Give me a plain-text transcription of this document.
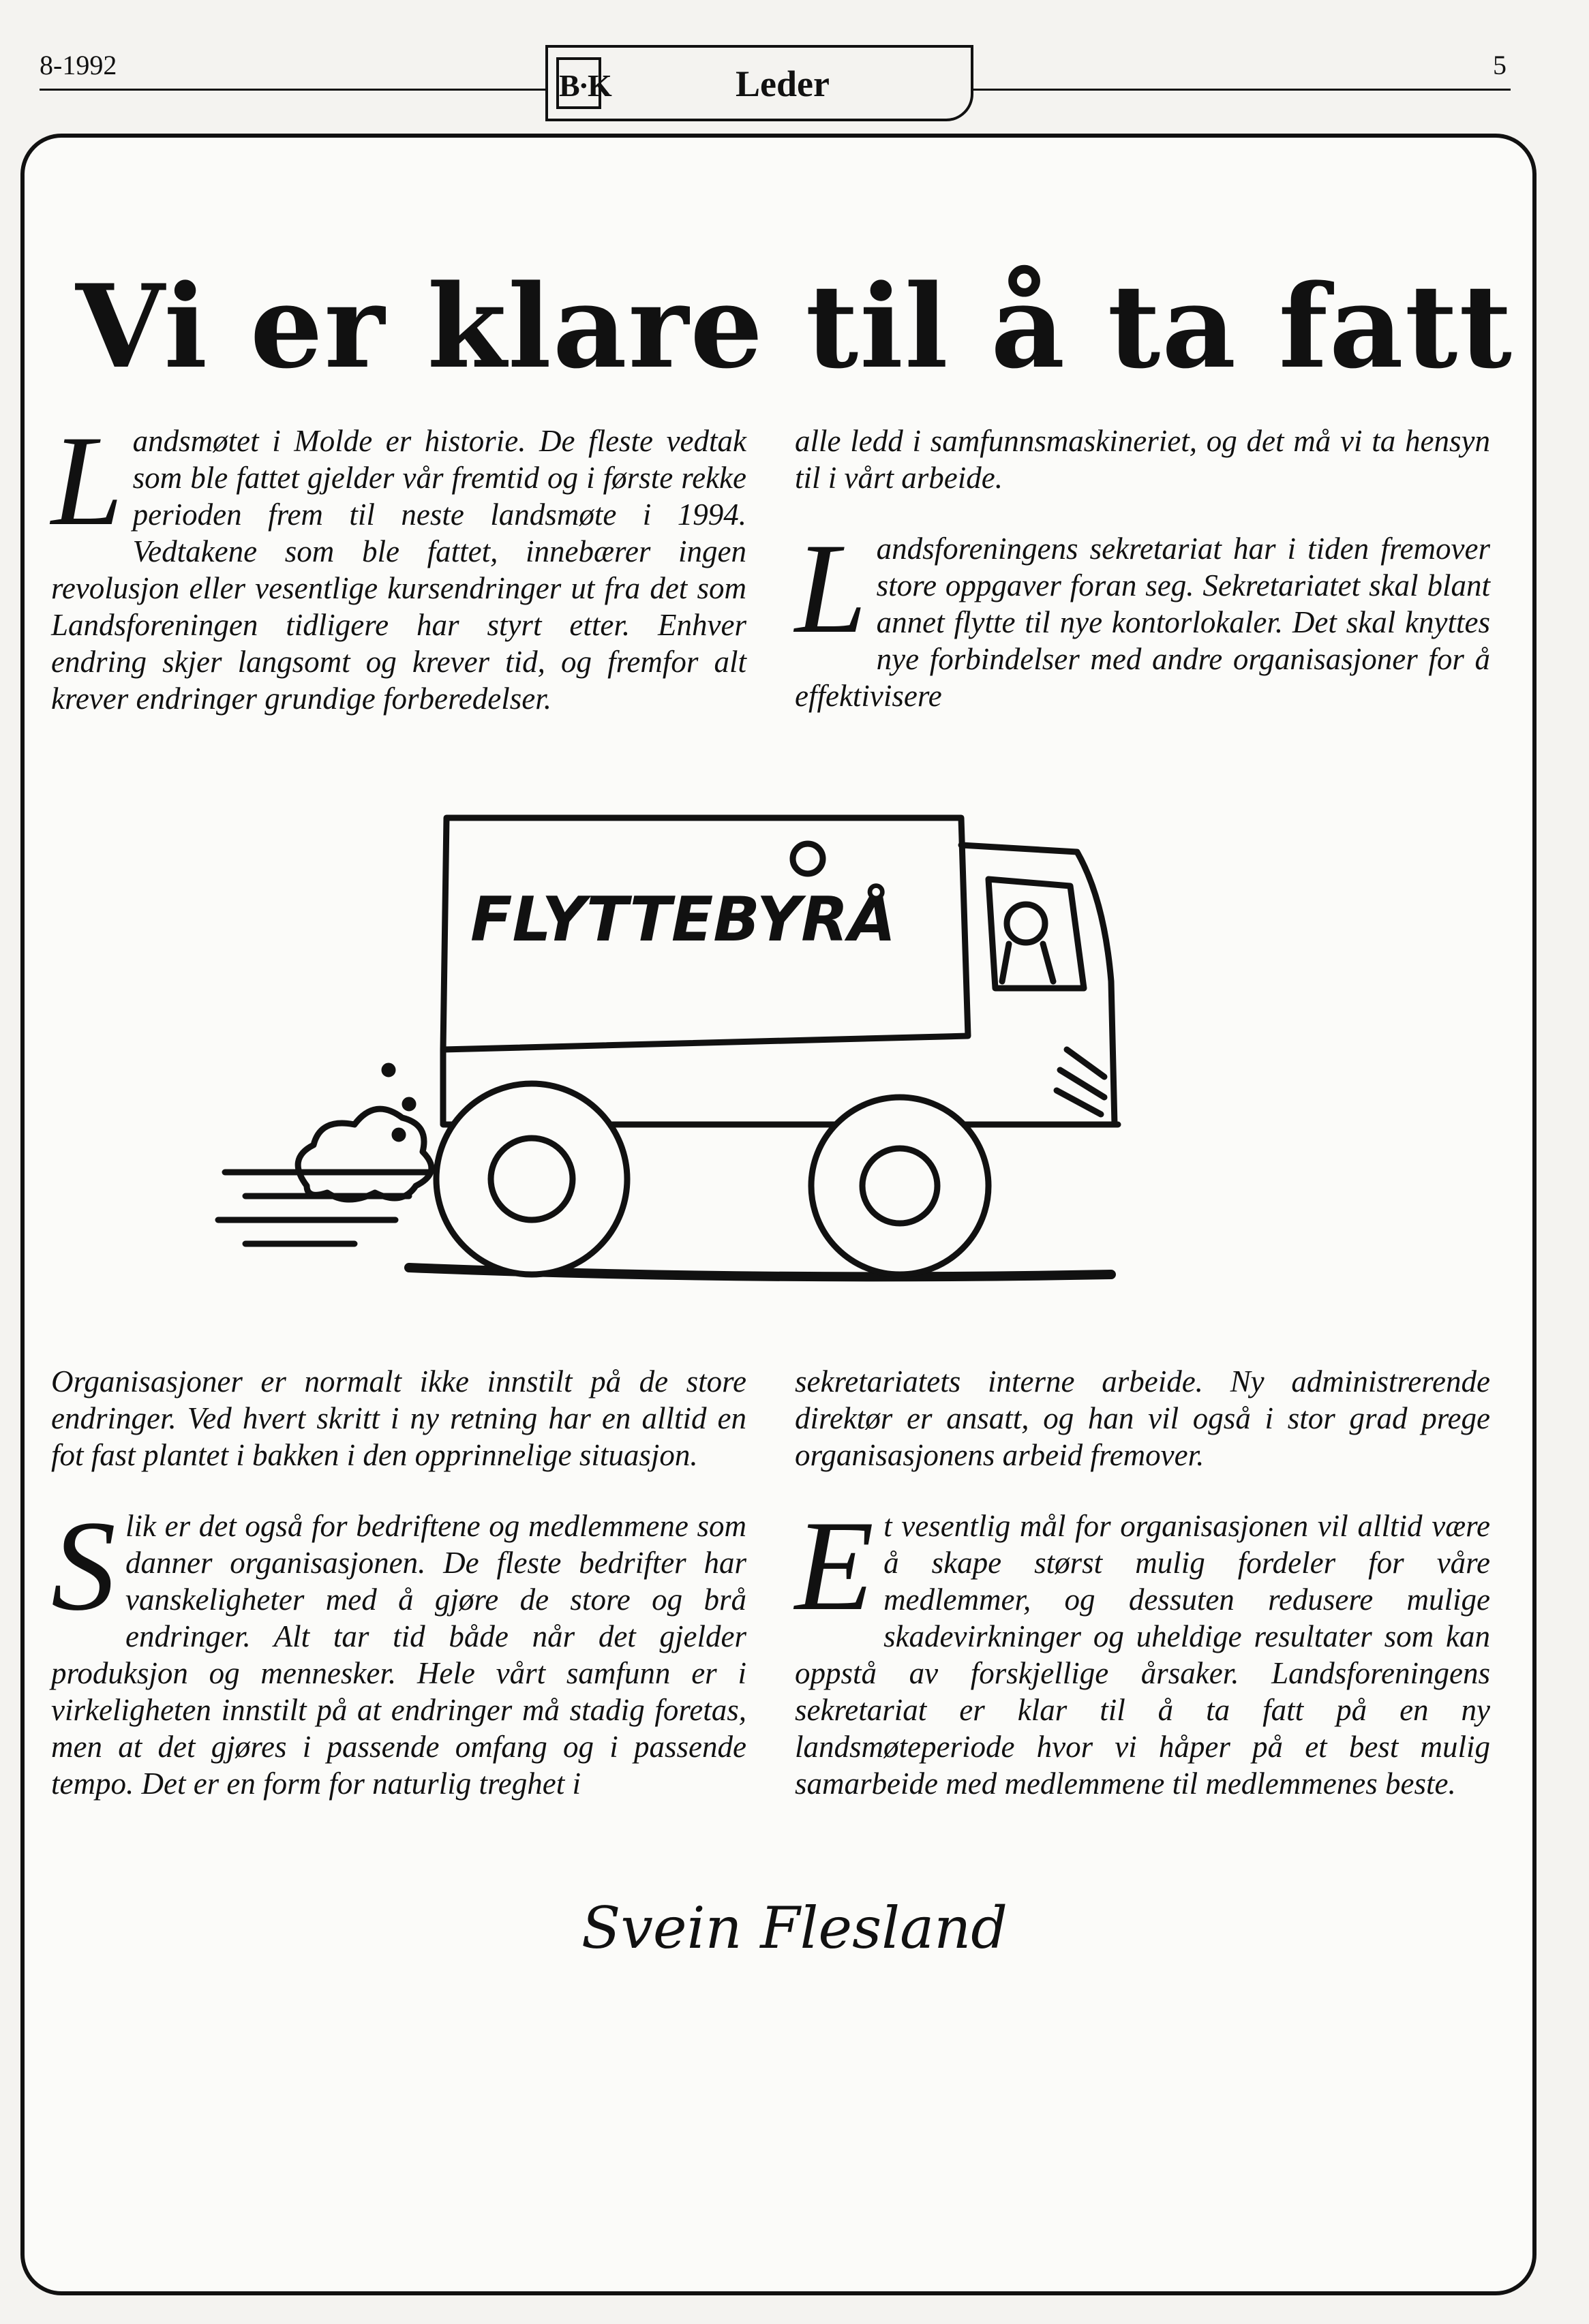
8-1992
B·K	Leder	5
Vi er klare til å ta fatt

L andsmøtet i Molde er historie. De fleste vedtak som ble fattet gjelder vår fremtid og i første rekke perioden frem til neste landsmøte i 1994. Vedtakene som ble fattet, innebærer ingen revolusjon eller vesentlige kursendringer ut fra det som Landsforeningen tidligere har styrt etter. Enhver endring skjer langsomt og krever tid, og fremfor alt krever endringer grundige forberedelser.

alle ledd i samfunnsmaskineriet, og det må vi ta hensyn til i vårt arbeide.

L andsforeningens sekretariat har i tiden fremover store oppgaver foran seg. Sekretariatet skal blant annet flytte til nye kontorlokaler. Det skal knyttes nye forbindelser med andre organisasjoner for å effektivisere

FLYTTEBYRÅ

Organisasjoner er normalt ikke innstilt på de store endringer. Ved hvert skritt i ny retning har en alltid en fot fast plantet i bakken i den opprinnelige situasjon.

S lik er det også for bedriftene og medlemmene som danner organisasjonen. De fleste bedrifter har vanskeligheter med å gjøre de store og brå endringer. Alt tar tid både når det gjelder produksjon og mennesker. Hele vårt samfunn er i virkeligheten innstilt på at endringer må stadig foretas, men at det gjøres i passende omfang og i passende tempo. Det er en form for naturlig treghet i

sekretariatets interne arbeide. Ny administrerende direktør er ansatt, og han vil også i stor grad prege organisasjonens arbeid fremover.

E t vesentlig mål for organisasjonen vil alltid være å skape størst mulig fordeler for våre medlemmer, og dessuten redusere mulige skadevirkninger og uheldige resultater som kan oppstå av forskjellige årsaker. Landsforeningens sekretariat er klar til å ta fatt på en ny landsmøteperiode hvor vi håper på et best mulig samarbeide med medlemmene til medlemmenes beste.

Svein Flesland
